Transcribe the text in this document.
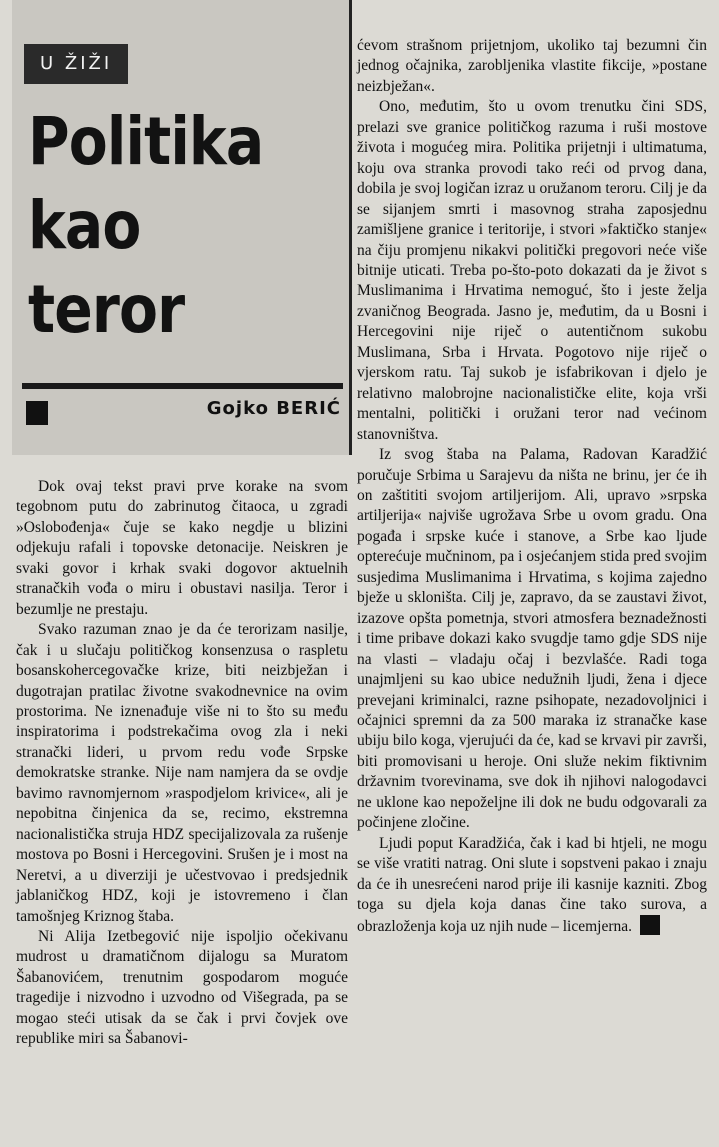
U ŽIŽI
Politika
kao
teror
Gojko BERIĆ

Dok ovaj tekst pravi prve korake na svom tegobnom putu do zabrinutog čitaoca, u zgradi »Oslobođenja« čuje se kako negdje u blizini odjekuju rafali i topovske detonacije. Neiskren je svaki govor i krhak svaki dogovor aktuelnih stranačkih vođa o miru i obustavi nasilja. Teror i bezumlje ne prestaju.

Svako razuman znao je da će terorizam nasilje, čak i u slučaju političkog konsenzusa o raspletu bosanskohercegovačke krize, biti neizbježan i dugotrajan pratilac životne svakodnevnice na ovim prostorima. Ne iznenađuje više ni to što su među inspiratorima i podstrekačima ovog zla i neki stranački lideri, u prvom redu vođe Srpske demokratske stranke. Nije nam namjera da se ovdje bavimo ravnomjernom »raspodjelom krivice«, ali je nepobitna činjenica da se, recimo, ekstremna nacionalistička struja HDZ specijalizovala za rušenje mostova po Bosni i Hercegovini. Srušen je i most na Neretvi, a u diverziji je učestvovao i predsjednik jablaničkog HDZ, koji je istovremeno i član tamošnjeg Kriznog štaba.

Ni Alija Izetbegović nije ispoljio očekivanu mudrost u dramatičnom dijalogu sa Muratom Šabanovićem, trenutnim gospodarom moguće tragedije i nizvodno i uzvodno od Višegrada, pa se mogao steći utisak da se čak i prvi čovjek ove republike miri sa Šabanovi-

ćevom strašnom prijetnjom, ukoliko taj bezumni čin jednog očajnika, zarobljenika vlastite fikcije, »postane neizbježan«.

Ono, međutim, što u ovom trenutku čini SDS, prelazi sve granice političkog razuma i ruši mostove života i mogućeg mira. Politika prijetnji i ultimatuma, koju ova stranka provodi tako reći od prvog dana, dobila je svoj logičan izraz u oružanom teroru. Cilj je da se sijanjem smrti i masovnog straha zaposjednu zamišljene granice i teritorije, i stvori »faktičko stanje« na čiju promjenu nikakvi politički pregovori neće više bitnije uticati. Treba po-što-poto dokazati da je život s Muslimanima i Hrvatima nemoguć, što i jeste želja zvaničnog Beograda. Jasno je, međutim, da u Bosni i Hercegovini nije riječ o autentičnom sukobu Muslimana, Srba i Hrvata. Pogotovo nije riječ o vjerskom ratu. Taj sukob je isfabrikovan i djelo je relativno malobrojne nacionalističke elite, koja vrši mentalni, politički i oružani teror nad većinom stanovništva.

Iz svog štaba na Palama, Radovan Karadžić poručuje Srbima u Sarajevu da ništa ne brinu, jer će ih on zaštititi svojom artiljerijom. Ali, upravo »srpska artiljerija« najviše ugrožava Srbe u ovom gradu. Ona pogađa i srpske kuće i stanove, a Srbe kao ljude opterećuje mučninom, pa i osjećanjem stida pred svojim susjedima Muslimanima i Hrvatima, s kojima zajedno bježe u skloništa. Cilj je, zapravo, da se zaustavi život, izazove opšta pometnja, stvori atmosfera beznadežnosti i time pribave dokazi kako svugdje tamo gdje SDS nije na vlasti – vladaju očaj i bezvlašće. Radi toga unajmljeni su kao ubice nedužnih ljudi, žena i djece prevejani kriminalci, razne psihopate, nezadovoljnici i očajnici spremni da za 500 maraka iz stranačke kase ubiju bilo koga, vjerujući da će, kad se krvavi pir završi, biti promovisani u heroje. Oni služe nekim fiktivnim državnim tvorevinama, sve dok ih njihovi nalogodavci ne uklone kao nepoželjne ili dok ne budu odgovarali za počinjene zločine.

Ljudi poput Karadžića, čak i kad bi htjeli, ne mogu se više vratiti natrag. Oni slute i sopstveni pakao i znaju da će ih unesrećeni narod prije ili kasnije kazniti. Zbog toga su djela koja danas čine tako surova, a obrazloženja koja uz njih nude – licemjerna.
